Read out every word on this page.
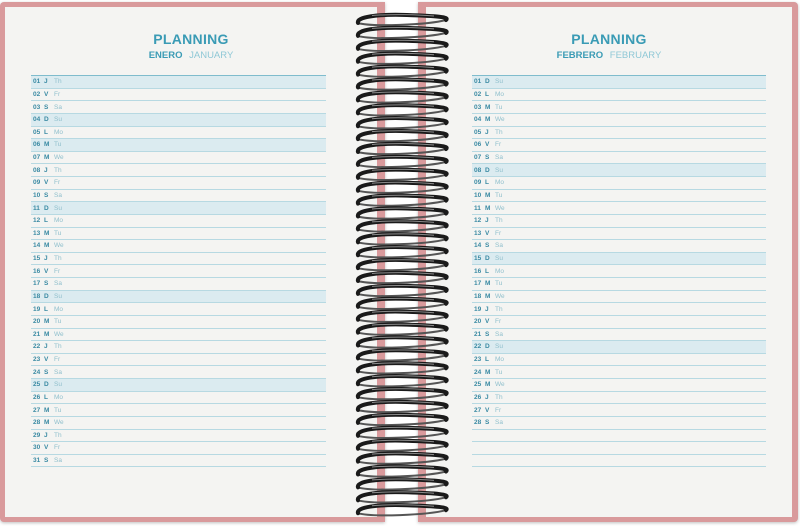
PLANNING
ENERO JANUARY
01 J Th
02 V Fr
03 S Sa
04 D Su
05 L Mo
06 M Tu
07 M We
08 J Th
09 V Fr
10 S Sa
11 D Su
12 L Mo
13 M Tu
14 M We
15 J Th
16 V Fr
17 S Sa
18 D Su
19 L Mo
20 M Tu
21 M We
22 J Th
23 V Fr
24 S Sa
25 D Su
26 L Mo
27 M Tu
28 M We
29 J Th
30 V Fr
31 S Sa
PLANNING
FEBRERO FEBRUARY
01 D Su
02 L Mo
03 M Tu
04 M We
05 J Th
06 V Fr
07 S Sa
08 D Su
09 L Mo
10 M Tu
11 M We
12 J Th
13 V Fr
14 S Sa
15 D Su
16 L Mo
17 M Tu
18 M We
19 J Th
20 V Fr
21 S Sa
22 D Su
23 L Mo
24 M Tu
25 M We
26 J Th
27 V Fr
28 S Sa
